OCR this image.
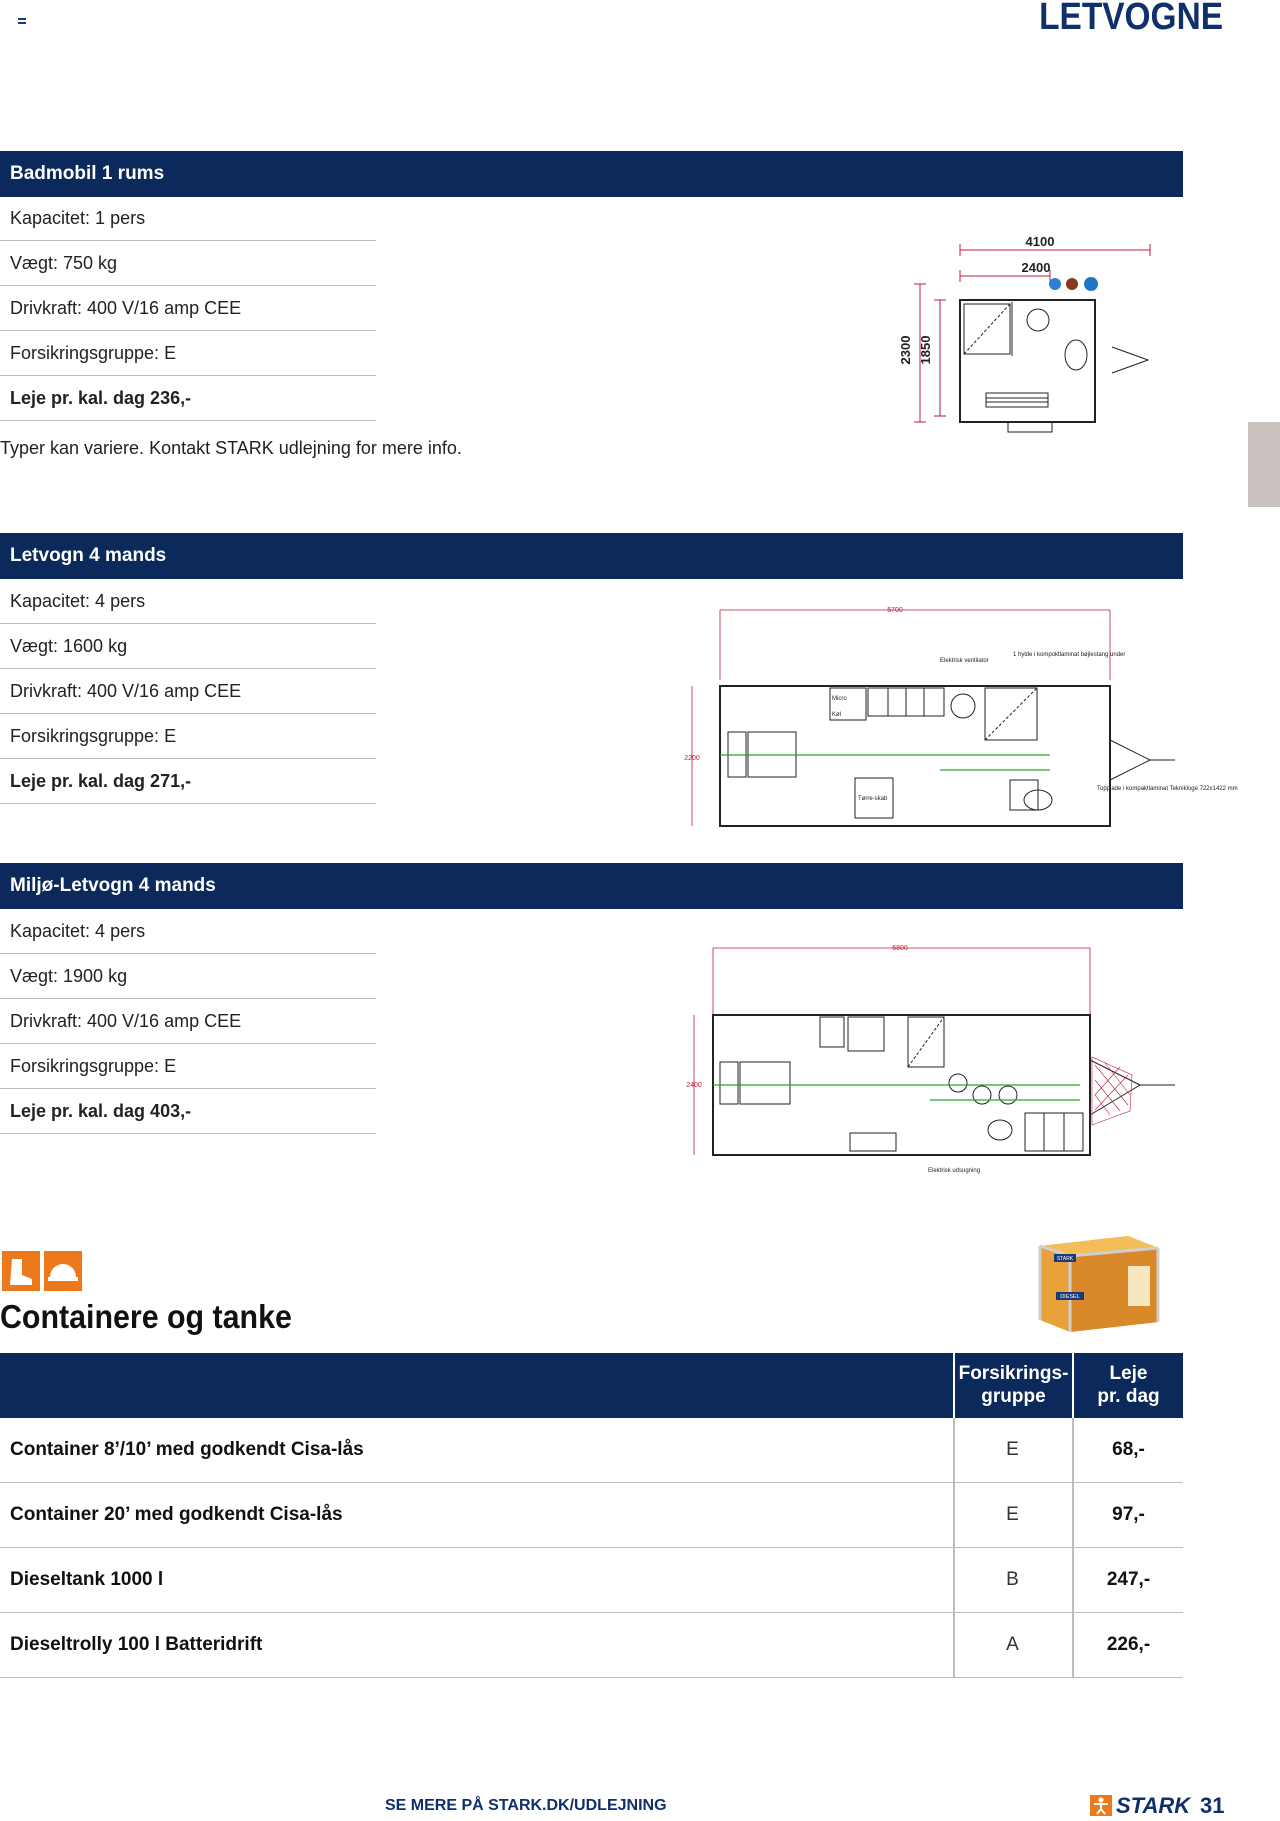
LETVOGNE
Badmobil 1 rums
Kapacitet: 1 pers
Vægt: 750 kg
Drivkraft: 400 V/16 amp CEE
Forsikringsgruppe: E
Leje pr. kal. dag 236,-
Typer kan variere. Kontakt STARK udlejning for mere info.
4100
2400
2300 1850
Letvogn 4 mands
Kapacitet: 4 pers
Vægt: 1600 kg
Drivkraft: 400 V/16 amp CEE
Forsikringsgruppe: E
Leje pr. kal. dag 271,-
5700
2200
Elektrisk ventilator
1 hylde i kompoktlaminat bøjlestang under
Micro
Køl
Tørre-skab
Topplade i kompaktlaminat Teknikloge 722x1422 mm
Miljø-Letvogn 4 mands
Kapacitet: 4 pers
Vægt: 1900 kg
Drivkraft: 400 V/16 amp CEE
Forsikringsgruppe: E
Leje pr. kal. dag 403,-
6800
2400
Elektrisk udsugning
Containere og tanke
STARK
DIESEL
Forsikrings-
gruppe
Leje
pr. dag
Container 8’/10’ med godkendt Cisa-lås	E	68,-
Container 20’ med godkendt Cisa-lås	E	97,-
Dieseltank 1000 l	B	247,-
Dieseltrolly 100 l Batteridrift	A	226,-
SE MERE PÅ STARK.DK/UDLEJNING	STARK 31
